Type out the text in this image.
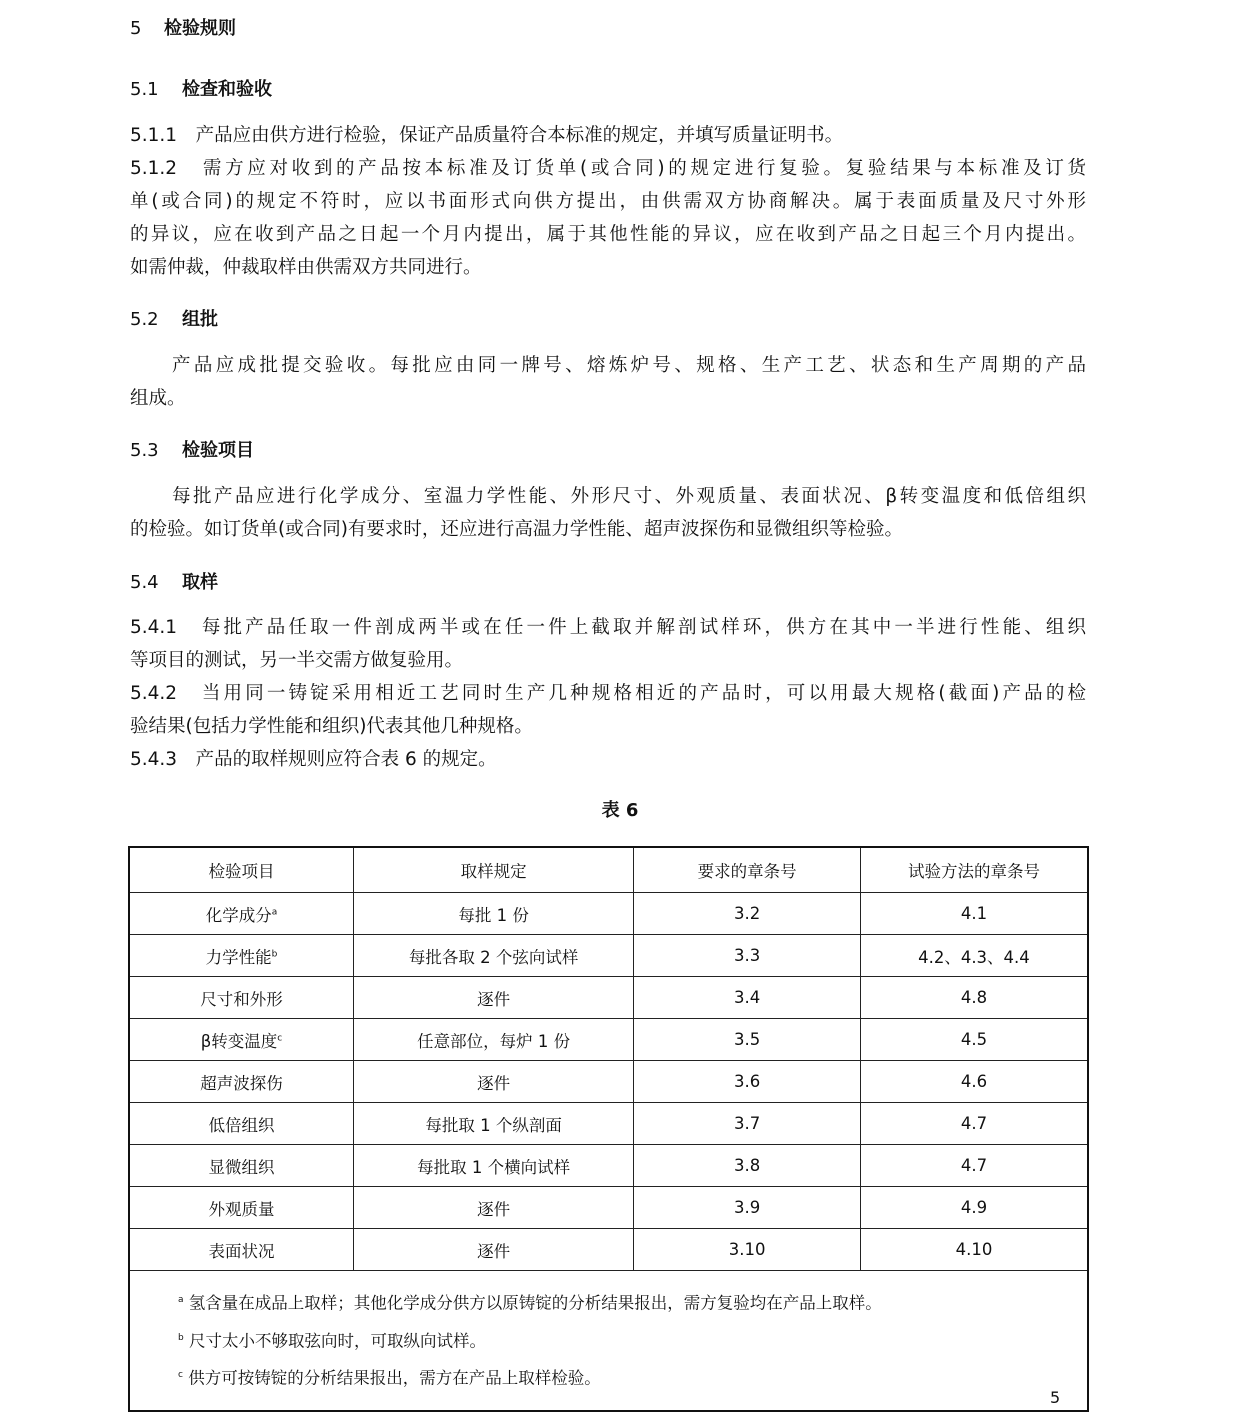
5 检验规则
5.1 检查和验收
5.1.1　产品应由供方进行检验，保证产品质量符合本标准的规定，并填写质量证明书。
5.1.2　需方应对收到的产品按本标准及订货单(或合同)的规定进行复验。复验结果与本标准及订货
单(或合同)的规定不符时，应以书面形式向供方提出，由供需双方协商解决。属于表面质量及尺寸外形
的异议，应在收到产品之日起一个月内提出，属于其他性能的异议，应在收到产品之日起三个月内提出。
如需仲裁，仲裁取样由供需双方共同进行。
5.2 组批
产品应成批提交验收。每批应由同一牌号、熔炼炉号、规格、生产工艺、状态和生产周期的产品
组成。
5.3 检验项目
每批产品应进行化学成分、室温力学性能、外形尺寸、外观质量、表面状况、β转变温度和低倍组织
的检验。如订货单(或合同)有要求时，还应进行高温力学性能、超声波探伤和显微组织等检验。
5.4 取样
5.4.1　每批产品任取一件剖成两半或在任一件上截取并解剖试样环，供方在其中一半进行性能、组织
等项目的测试，另一半交需方做复验用。
5.4.2　当用同一铸锭采用相近工艺同时生产几种规格相近的产品时，可以用最大规格(截面)产品的检
验结果(包括力学性能和组织)代表其他几种规格。
5.4.3　产品的取样规则应符合表 6 的规定。
表 6
检验项目	取样规定	要求的章条号	试验方法的章条号
化学成分$^a$	每批 1 份	3.2	4.1
力学性能$^b$	每批各取 2 个弦向试样	3.3	4.2、4.3、4.4
尺寸和外形	逐件	3.4	4.8
β转变温度$^c$	任意部位，每炉 1 份	3.5	4.5
超声波探伤	逐件	3.6	4.6
低倍组织	每批取 1 个纵剖面	3.7	4.7
显微组织	每批取 1 个横向试样	3.8	4.7
外观质量	逐件	3.9	4.9
表面状况	逐件	3.10	4.10

$^a$ 氢含量在成品上取样；其他化学成分供方以原铸锭的分析结果报出，需方复验均在产品上取样。
$^b$ 尺寸太小不够取弦向时，可取纵向试样。
$^c$ 供方可按铸锭的分析结果报出，需方在产品上取样检验。			
5
